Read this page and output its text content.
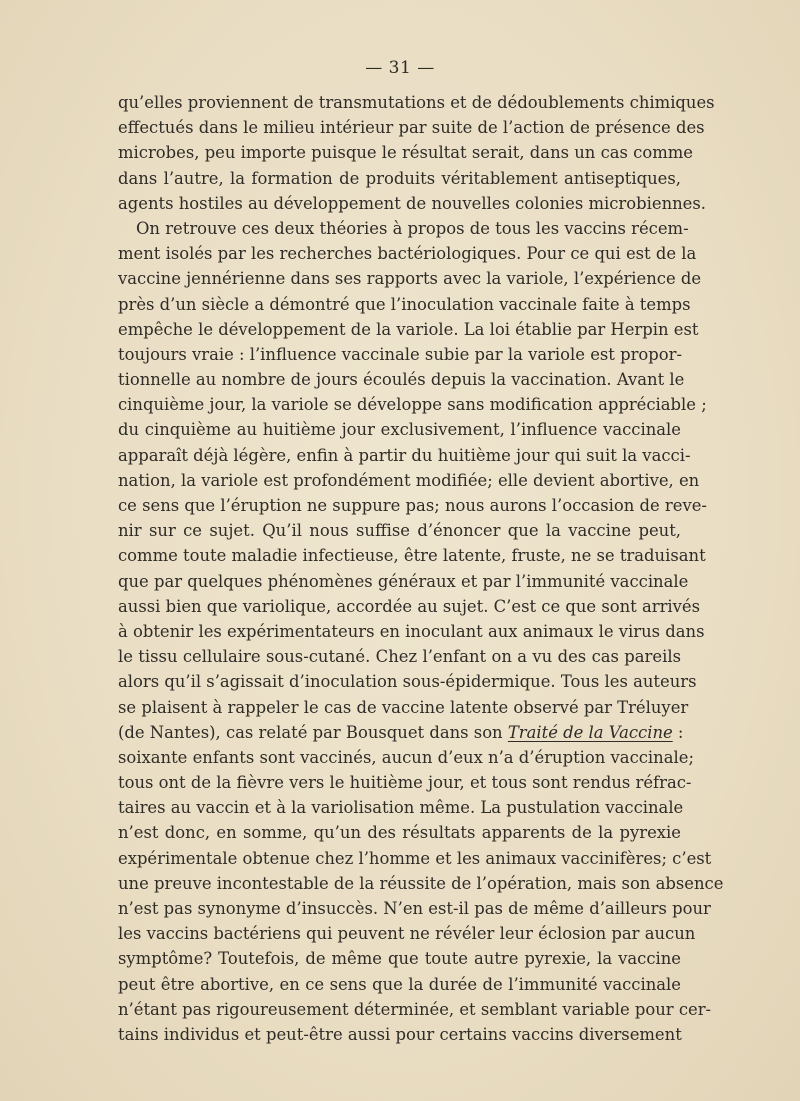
— 31 —
qu’elles proviennent de transmutations et de dédoublements chimiques
effectués dans le milieu intérieur par suite de l’action de présence des
microbes, peu importe puisque le résultat serait, dans un cas comme
dans l’autre, la formation de produits véritablement antiseptiques,
agents hostiles au développement de nouvelles colonies microbiennes.
On retrouve ces deux théories à propos de tous les vaccins récem-
ment isolés par les recherches bactériologiques. Pour ce qui est de la
vaccine jennérienne dans ses rapports avec la variole, l’expérience de
près d’un siècle a démontré que l’inoculation vaccinale faite à temps
empêche le développement de la variole. La loi établie par Herpin est
toujours vraie : l’influence vaccinale subie par la variole est propor-
tionnelle au nombre de jours écoulés depuis la vaccination. Avant le
cinquième jour, la variole se développe sans modification appréciable ;
du cinquième au huitième jour exclusivement, l’influence vaccinale
apparaît déjà légère, enfin à partir du huitième jour qui suit la vacci-
nation, la variole est profondément modifiée; elle devient abortive, en
ce sens que l’éruption ne suppure pas; nous aurons l’occasion de reve-
nir sur ce sujet. Qu’il nous suffise d’énoncer que la vaccine peut,
comme toute maladie infectieuse, être latente, fruste, ne se traduisant
que par quelques phénomènes généraux et par l’immunité vaccinale
aussi bien que variolique, accordée au sujet. C’est ce que sont arrivés
à obtenir les expérimentateurs en inoculant aux animaux le virus dans
le tissu cellulaire sous-cutané. Chez l’enfant on a vu des cas pareils
alors qu’il s’agissait d’inoculation sous-épidermique. Tous les auteurs
se plaisent à rappeler le cas de vaccine latente observé par Tréluyer
(de Nantes), cas relaté par Bousquet dans son Traité de la Vaccine :
soixante enfants sont vaccinés, aucun d’eux n’a d’éruption vaccinale;
tous ont de la fièvre vers le huitième jour, et tous sont rendus réfrac-
taires au vaccin et à la variolisation même. La pustulation vaccinale
n’est donc, en somme, qu’un des résultats apparents de la pyrexie
expérimentale obtenue chez l’homme et les animaux vaccinifères; c’est
une preuve incontestable de la réussite de l’opération, mais son absence
n’est pas synonyme d’insuccès. N’en est-il pas de même d’ailleurs pour
les vaccins bactériens qui peuvent ne révéler leur éclosion par aucun
symptôme? Toutefois, de même que toute autre pyrexie, la vaccine
peut être abortive, en ce sens que la durée de l’immunité vaccinale
n’étant pas rigoureusement déterminée, et semblant variable pour cer-
tains individus et peut-être aussi pour certains vaccins diversement
